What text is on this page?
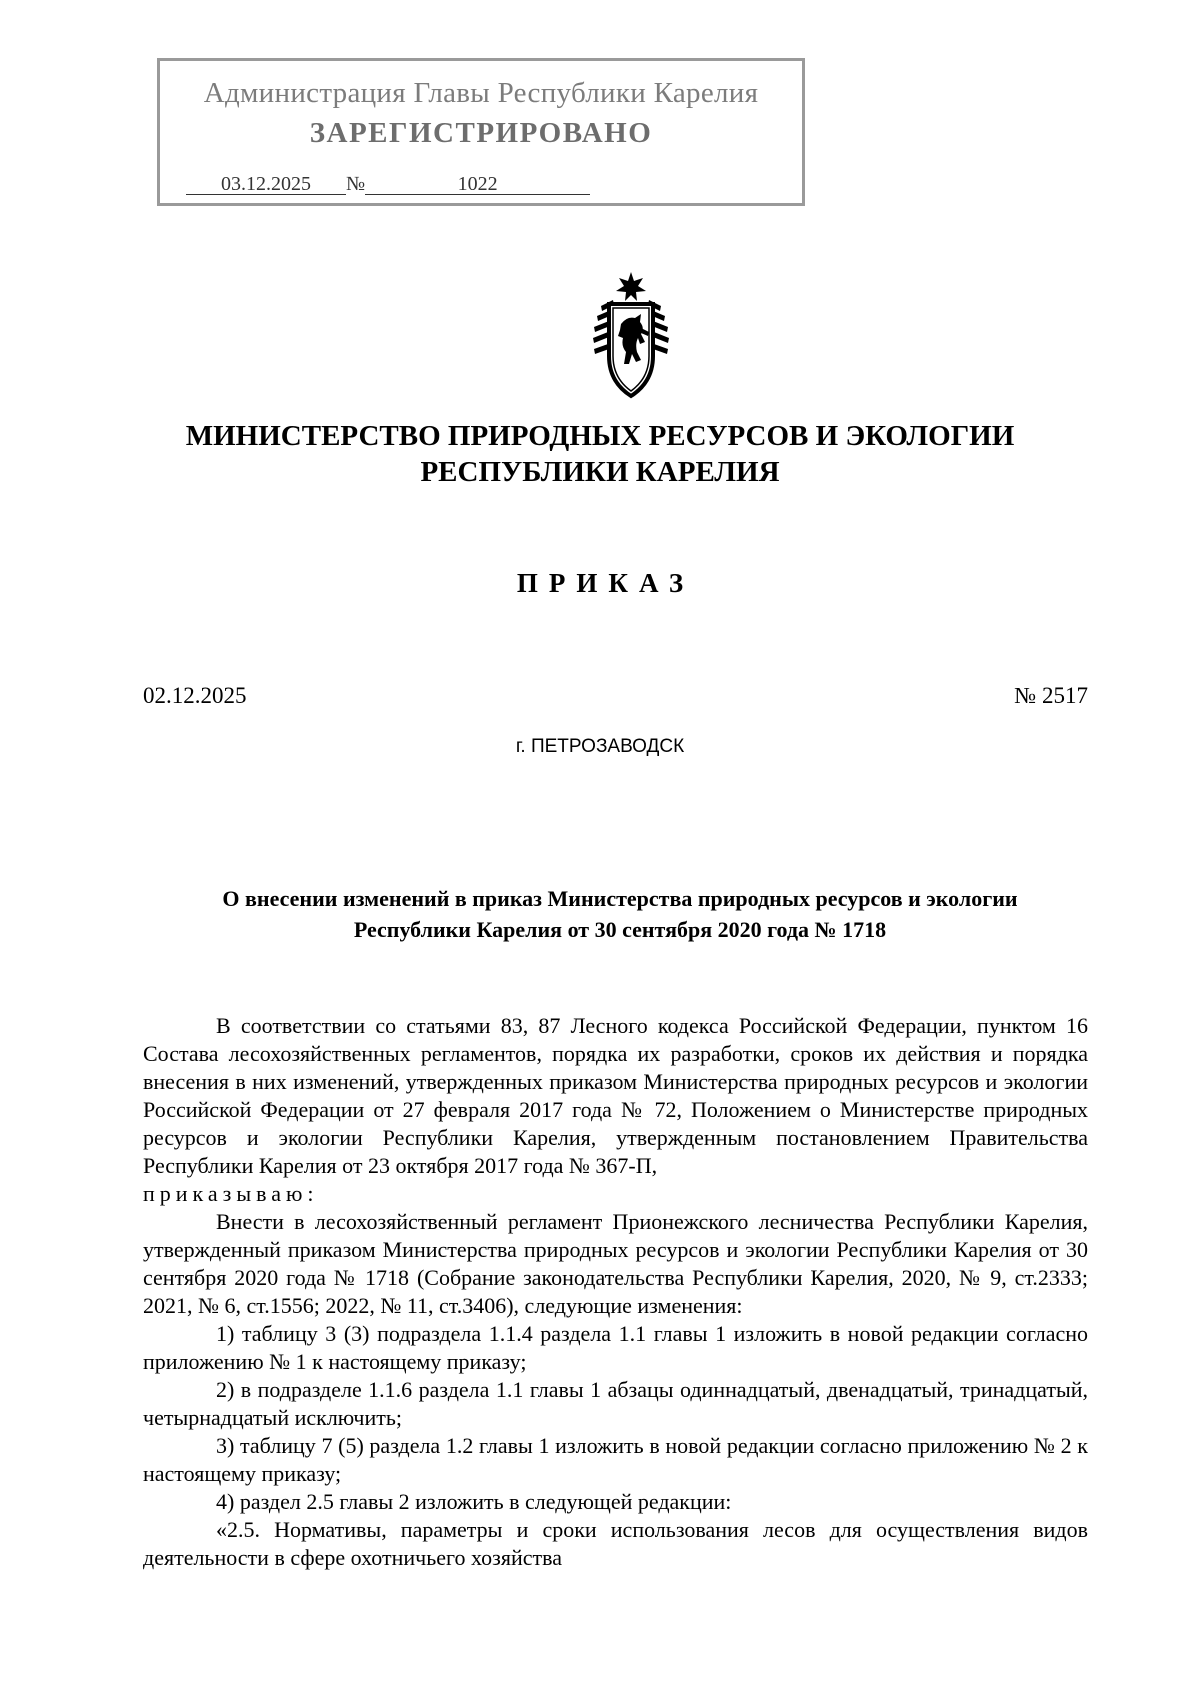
Администрация Главы Республики Карелия
ЗАРЕГИСТРИРОВАНО
03.12.2025 №	1022
МИНИСТЕРСТВО ПРИРОДНЫХ РЕСУРСОВ И ЭКОЛОГИИ
РЕСПУБЛИКИ КАРЕЛИЯ
ПРИКАЗ
02.12.2025	№ 2517
г. ПЕТРОЗАВОДСК
О внесении изменений в приказ Министерства природных ресурсов и экологии
Республики Карелия от 30 сентября 2020 года № 1718

В соответствии со статьями 83, 87 Лесного кодекса Российской Федерации, пунктом 16 Состава лесохозяйственных регламентов, порядка их разработки, сроков их действия и порядка внесения в них изменений, утвержденных приказом Министерства природных ресурсов и экологии Российской Федерации от 27 февраля 2017 года № 72, Положением о Министерстве природных ресурсов и экологии Республики Карелия, утвержденным постановлением Правительства Республики Карелия от 23 октября 2017 года № 367-П,

приказываю:

Внести в лесохозяйственный регламент Прионежского лесничества Республики Карелия, утвержденный приказом Министерства природных ресурсов и экологии Республики Карелия от 30 сентября 2020 года № 1718 (Собрание законодательства Республики Карелия, 2020, № 9, ст.2333; 2021, № 6, ст.1556; 2022, № 11, ст.3406), следующие изменения:

1) таблицу 3 (3) подраздела 1.1.4 раздела 1.1 главы 1 изложить в новой редакции согласно приложению № 1 к настоящему приказу;

2) в подразделе 1.1.6 раздела 1.1 главы 1 абзацы одиннадцатый, двенадцатый, тринадцатый, четырнадцатый исключить;

3) таблицу 7 (5) раздела 1.2 главы 1 изложить в новой редакции согласно приложению № 2 к настоящему приказу;

4) раздел 2.5 главы 2 изложить в следующей редакции:

«2.5. Нормативы, параметры и сроки использования лесов для осуществления видов деятельности в сфере охотничьего хозяйства
